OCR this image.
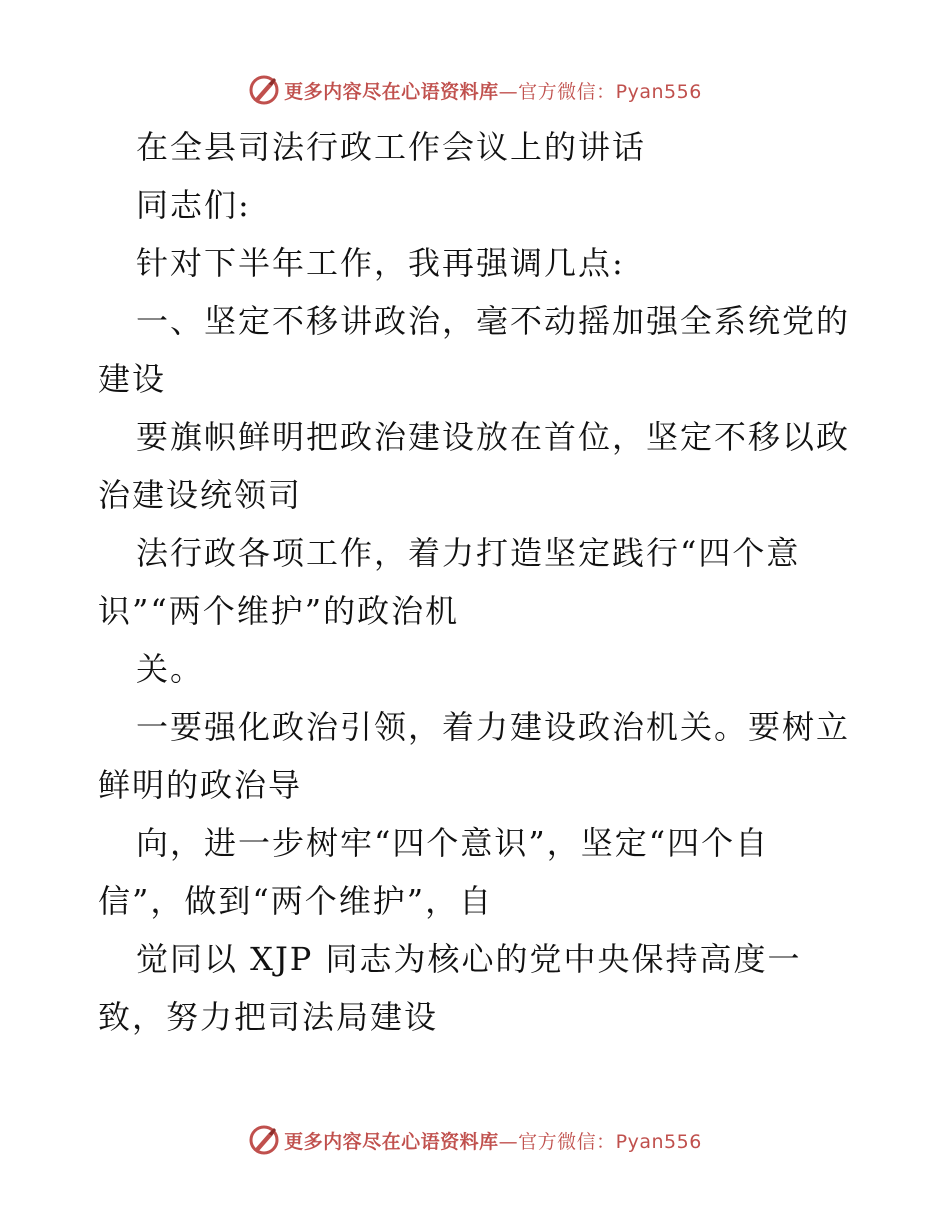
更多内容尽在心语资料库—官方微信：Pyan556
在全县司法行政工作会议上的讲话
同志们:
针对下半年工作，我再强调几点:
一、坚定不移讲政治，毫不动摇加强全系统党的
建设
要旗帜鲜明把政治建设放在首位，坚定不移以政
治建设统领司
法行政各项工作，着力打造坚定践行“四个意
识”“两个维护”的政治机
关。
一要强化政治引领，着力建设政治机关。要树立
鲜明的政治导
向，进一步树牢“四个意识”，坚定“四个自
信”，做到“两个维护”，自
觉同以 XJP 同志为核心的党中央保持高度一
致，努力把司法局建设
更多内容尽在心语资料库—官方微信：Pyan556
